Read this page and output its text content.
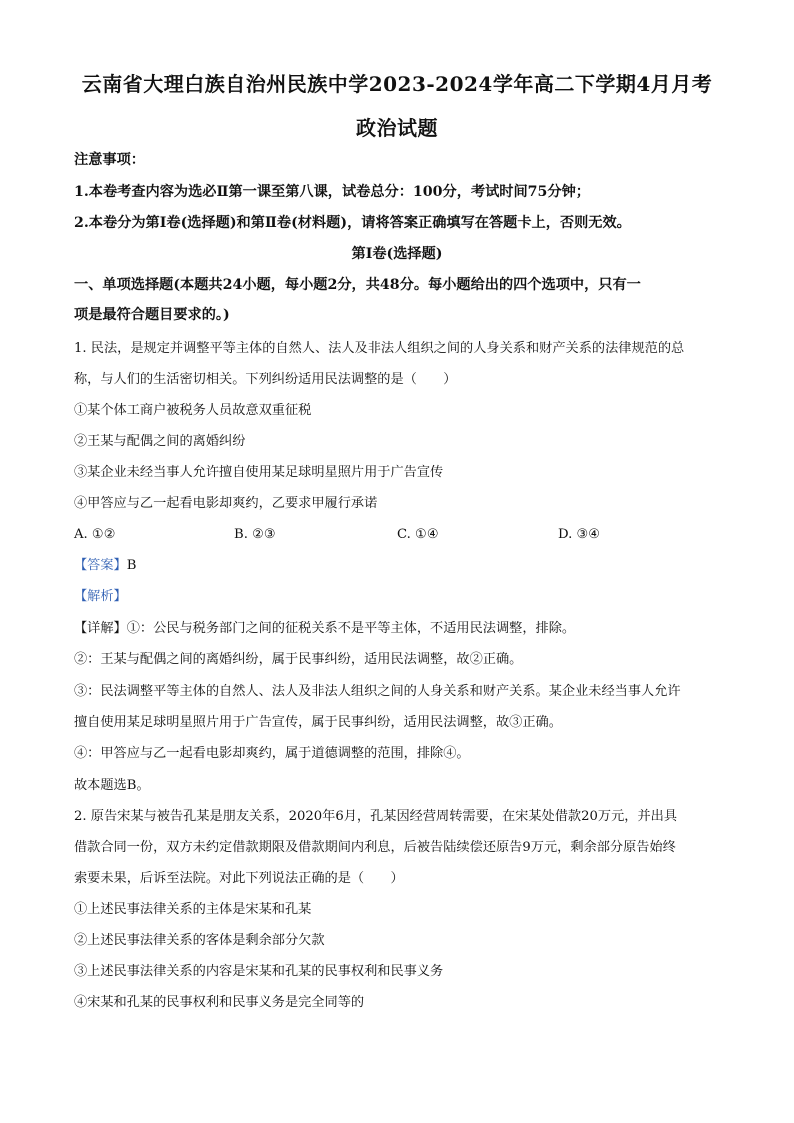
云南省大理白族自治州民族中学2023-2024学年高二下学期4月月考
政治试题
注意事项：
1.本卷考查内容为选必Ⅱ第一课至第八课，试卷总分：100分，考试时间75分钟；
2.本卷分为第Ⅰ卷(选择题)和第Ⅱ卷(材料题)，请将答案正确填写在答题卡上，否则无效。
第Ⅰ卷(选择题)
一、单项选择题(本题共24小题，每小题2分，共48分。每小题给出的四个选项中，只有一
项是最符合题目要求的。)
1. 民法，是规定并调整平等主体的自然人、法人及非法人组织之间的人身关系和财产关系的法律规范的总
称，与人们的生活密切相关。下列纠纷适用民法调整的是（　　）
①某个体工商户被税务人员故意双重征税
②王某与配偶之间的离婚纠纷
③某企业未经当事人允许擅自使用某足球明星照片用于广告宣传
④甲答应与乙一起看电影却爽约，乙要求甲履行承诺
A. ①②	B. ②③	C. ①④	D. ③④
【答案】B
【解析】
【详解】①：公民与税务部门之间的征税关系不是平等主体，不适用民法调整，排除。
②：王某与配偶之间的离婚纠纷，属于民事纠纷，适用民法调整，故②正确。
③：民法调整平等主体的自然人、法人及非法人组织之间的人身关系和财产关系。某企业未经当事人允许
擅自使用某足球明星照片用于广告宣传，属于民事纠纷，适用民法调整，故③正确。
④：甲答应与乙一起看电影却爽约，属于道德调整的范围，排除④。
故本题选B。
2. 原告宋某与被告孔某是朋友关系，2020年6月，孔某因经营周转需要，在宋某处借款20万元，并出具
借款合同一份，双方未约定借款期限及借款期间内利息，后被告陆续偿还原告9万元，剩余部分原告始终
索要未果，后诉至法院。对此下列说法正确的是（　　）
①上述民事法律关系的主体是宋某和孔某
②上述民事法律关系的客体是剩余部分欠款
③上述民事法律关系的内容是宋某和孔某的民事权利和民事义务
④宋某和孔某的民事权利和民事义务是完全同等的
